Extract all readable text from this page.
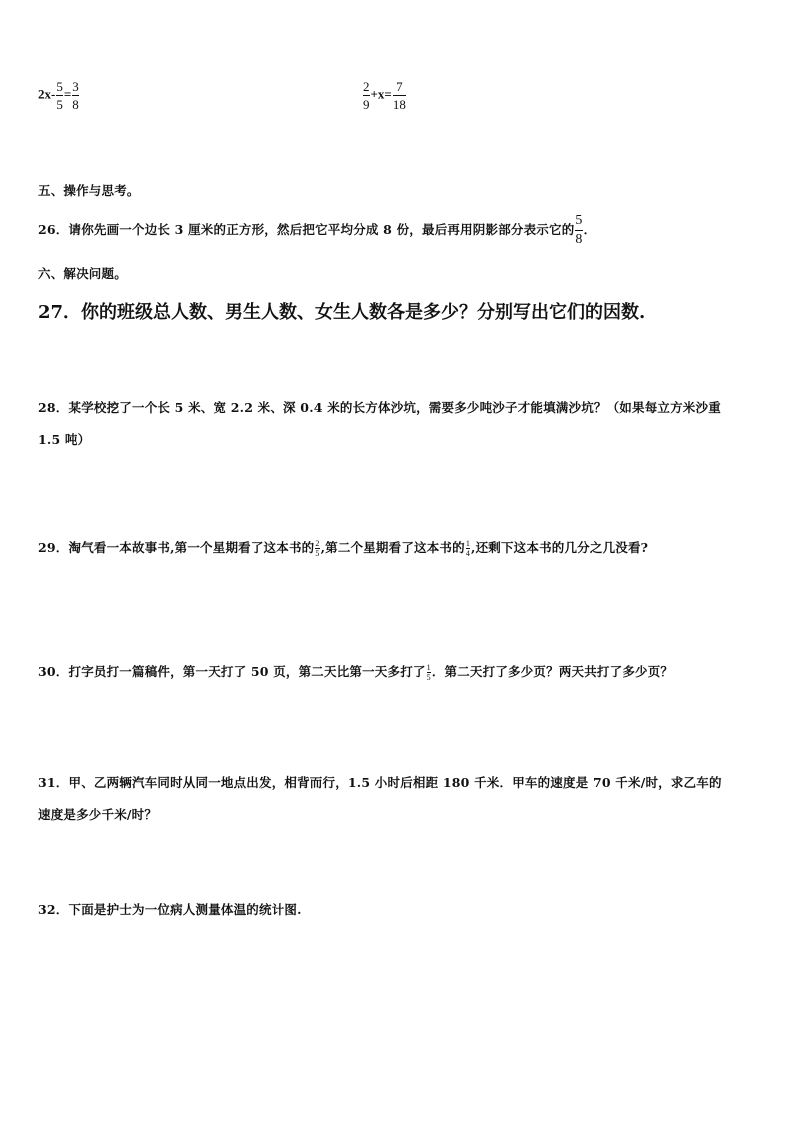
$2x- \frac{5}{5} = \frac{3}{8}$	$\frac{2}{9} +x= \frac{7}{18}$
五、操作与思考。
26．请你先画一个边长 3 厘米的正方形，然后把它平均分成 8 份，最后再用阴影部分表示它的 $\frac{5}{8}$ ．
六、解决问题。
27．你的班级总人数、男生人数、女生人数各是多少？分别写出它们的因数.
28．某学校挖了一个长 5 米、宽 2.2 米、深 0.4 米的长方体沙坑，需要多少吨沙子才能填满沙坑？（如果每立方米沙重
1.5 吨）
29．淘气看一本故事书,第一个星期看了这本书的 $\frac{2}{5}$ ,第二个星期看了这本书的 $\frac{1}{4}$ ,还剩下这本书的几分之几没看?
30．打字员打一篇稿件，第一天打了 50 页，第二天比第一天多打了 $\frac{1}{5}$ ．第二天打了多少页？两天共打了多少页？
31．甲、乙两辆汽车同时从同一地点出发，相背而行，1.5 小时后相距 180 千米．甲车的速度是 70 千米/时，求乙车的
速度是多少千米/时？
32．下面是护士为一位病人测量体温的统计图.
